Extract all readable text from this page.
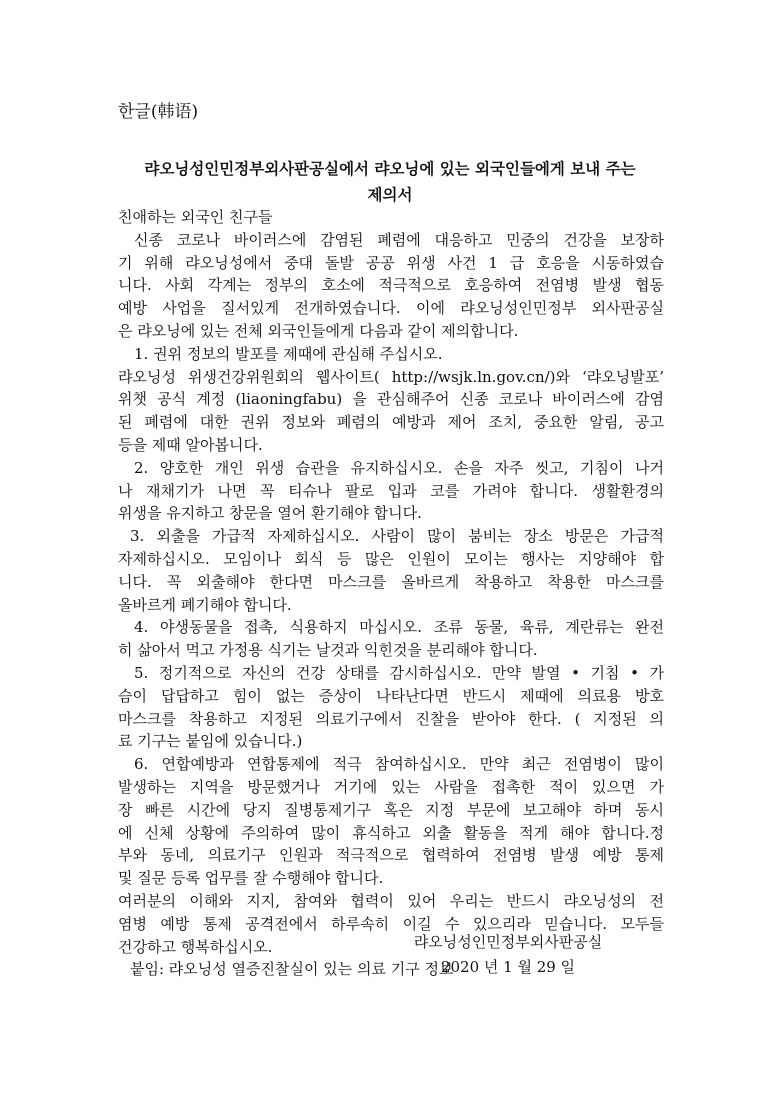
한글(韩语)
랴오닝성인민정부외사판공실에서 랴오닝에 있는 외국인들에게 보내 주는
제의서
친애하는 외국인 친구들
신종 코로나 바이러스에 감염된 폐렴에 대응하고 민중의 건강을 보장하
기 위해 랴오닝성에서 중대 돌발 공공 위생 사건 1 급 호응을 시동하였습
니다. 사회 각계는 정부의 호소에 적극적으로 호응하여 전염병 발생 협동
예방 사업을 질서있게 전개하였습니다. 이에 랴오닝성인민정부 외사판공실
은 랴오닝에 있는 전체 외국인들에게 다음과 같이 제의합니다.
1. 권위 정보의 발포를 제때에 관심해 주십시오.
랴오닝성 위생건강위원회의 웹사이트( http://wsjk.ln.gov.cn/)와 ‘랴오닝발포’
위챗 공식 계정 (liaoningfabu) 을 관심해주어 신종 코로나 바이러스에 감염
된 폐렴에 대한 권위 정보와 폐렴의 예방과 제어 조치, 중요한 알림, 공고
등을 제때 알아봅니다.
2. 양호한 개인 위생 습관을 유지하십시오. 손을 자주 씻고, 기침이 나거
나 재채기가 나면 꼭 티슈나 팔로 입과 코를 가려야 합니다. 생활환경의
위생을 유지하고 창문을 열어 환기해야 합니다.
3. 외출을 가급적 자제하십시오. 사람이 많이 붐비는 장소 방문은 가급적
자제하십시오. 모임이나 회식 등 많은 인원이 모이는 행사는 지양해야 합
니다. 꼭 외출해야 한다면 마스크를 올바르게 착용하고 착용한 마스크를
올바르게 폐기해야 합니다.
4. 야생동물을 접촉, 식용하지 마십시오. 조류 동물, 육류, 계란류는 완전
히 삶아서 먹고 가정용 식기는 날것과 익힌것을 분리해야 합니다.
5. 정기적으로 자신의 건강 상태를 감시하십시오. 만약 발열 • 기침 • 가
슴이 답답하고 힘이 없는 증상이 나타난다면 반드시 제때에 의료용 방호
마스크를 착용하고 지정된 의료기구에서 진찰을 받아야 한다. ( 지정된 의
료 기구는 붙임에 있습니다.)
6. 연합예방과 연합통제에 적극 참여하십시오. 만약 최근 전염병이 많이
발생하는 지역을 방문했거나 거기에 있는 사람을 접촉한 적이 있으면 가
장 빠른 시간에 당지 질병통제기구 혹은 지정 부문에 보고해야 하며 동시
에 신체 상황에 주의하여 많이 휴식하고 외출 활동을 적게 해야 합니다.정
부와 동네, 의료기구 인원과 적극적으로 협력하여 전염병 발생 예방 통제
및 질문 등록 업무를 잘 수행해야 합니다.
여러분의 이해와 지지, 참여와 협력이 있어 우리는 반드시 랴오닝성의 전
염병 예방 통제 공격전에서 하루속히 이길 수 있으리라 믿습니다. 모두들
건강하고 행복하십시오.
붙임: 랴오닝성 열증진찰실이 있는 의료 기구 정보
랴오닝성인민정부외사판공실
2020 년 1 월 29 일
